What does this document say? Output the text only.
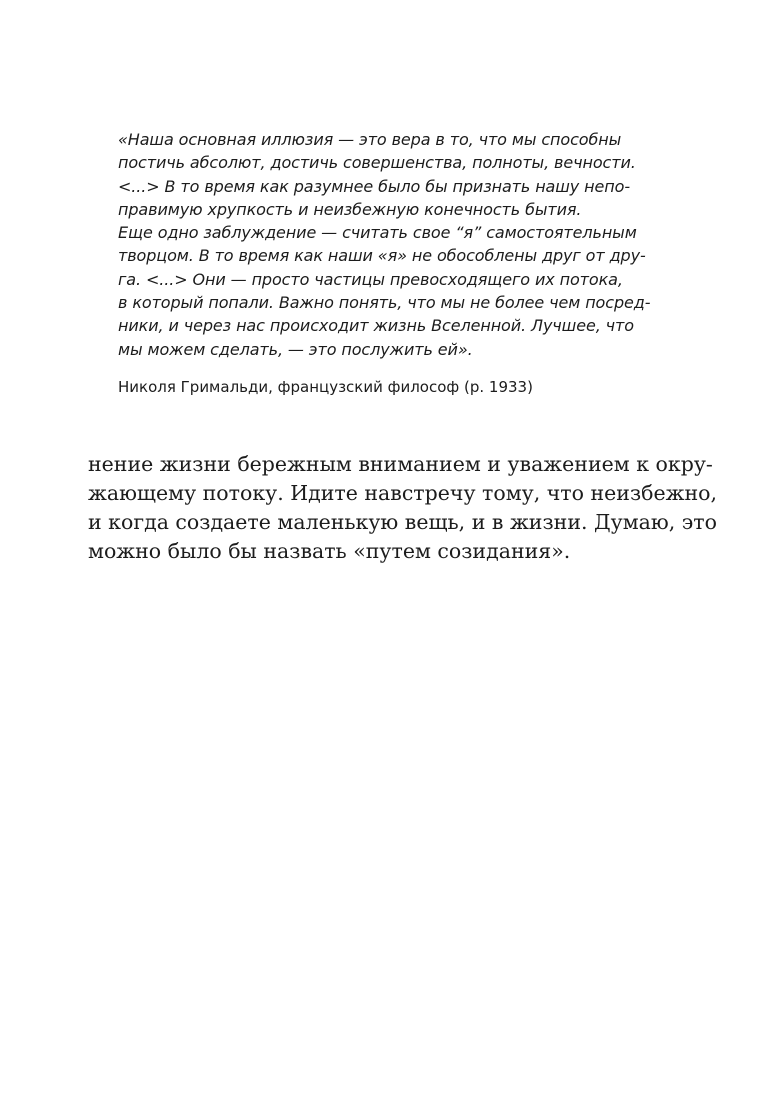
«Наша основная иллюзия — это вера в то, что мы способны
постичь абсолют, достичь совершенства, полноты, вечности.
<...> В то время как разумнее было бы признать нашу непо-
правимую хрупкость и неизбежную конечность бытия.
Еще одно заблуждение — считать свое “я” самостоятельным
творцом. В то время как наши «я» не обособлены друг от дру-
га. <...> Они — просто частицы превосходящего их потока,
в который попали. Важно понять, что мы не более чем посред-
ники, и через нас происходит жизнь Вселенной. Лучшее, что
мы можем сделать, — это послужить ей».
Николя Гримальди, французский философ (р. 1933)
нение жизни бережным вниманием и уважением к окру-
жающему потоку. Идите навстречу тому, что неизбежно,
и когда создаете маленькую вещь, и в жизни. Думаю, это
можно было бы назвать «путем созидания».
